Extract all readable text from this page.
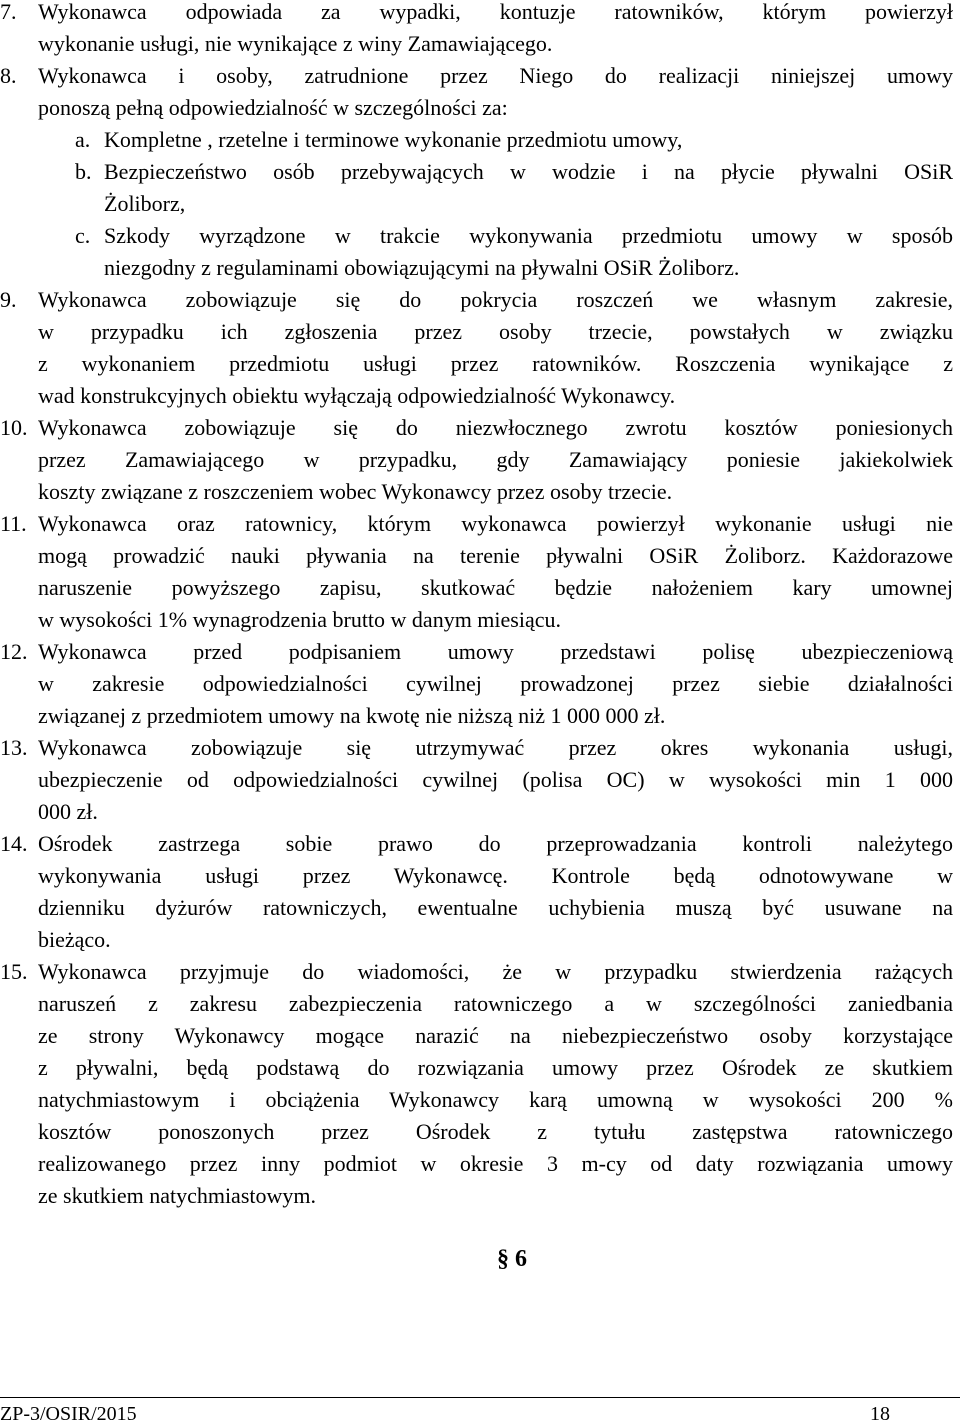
7. Wykonawca odpowiada za wypadki, kontuzje ratowników, którym powierzył
wykonanie usługi, nie wynikające z winy Zamawiającego.
8. Wykonawca i osoby, zatrudnione przez Niego do realizacji niniejszej umowy
ponoszą pełną odpowiedzialność w szczególności za:
a. Kompletne , rzetelne i terminowe wykonanie przedmiotu umowy,
b. Bezpieczeństwo osób przebywających w wodzie i na płycie pływalni OSiR
Żoliborz,
c. Szkody wyrządzone w trakcie wykonywania przedmiotu umowy w sposób
niezgodny z regulaminami obowiązującymi na pływalni OSiR Żoliborz.
9. Wykonawca zobowiązuje się do pokrycia roszczeń we własnym zakresie,
w przypadku ich zgłoszenia przez osoby trzecie, powstałych w związku
z wykonaniem przedmiotu usługi przez ratowników. Roszczenia wynikające z
wad konstrukcyjnych obiektu wyłączają odpowiedzialność Wykonawcy.
10. Wykonawca zobowiązuje się do niezwłocznego zwrotu kosztów poniesionych
przez Zamawiającego w przypadku, gdy Zamawiający poniesie jakiekolwiek
koszty związane z roszczeniem wobec Wykonawcy przez osoby trzecie.
11. Wykonawca oraz ratownicy, którym wykonawca powierzył wykonanie usługi nie
mogą prowadzić nauki pływania na terenie pływalni OSiR Żoliborz. Każdorazowe
naruszenie powyższego zapisu, skutkować będzie nałożeniem kary umownej
w wysokości 1% wynagrodzenia brutto w danym miesiącu.
12. Wykonawca przed podpisaniem umowy przedstawi polisę ubezpieczeniową
w zakresie odpowiedzialności cywilnej prowadzonej przez siebie działalności
związanej z przedmiotem umowy na kwotę nie niższą niż 1 000 000 zł.
13. Wykonawca zobowiązuje się utrzymywać przez okres wykonania usługi,
ubezpieczenie od odpowiedzialności cywilnej (polisa OC) w wysokości min 1 000
000 zł.
14. Ośrodek zastrzega sobie prawo do przeprowadzania kontroli należytego
wykonywania usługi przez Wykonawcę. Kontrole będą odnotowywane w
dzienniku dyżurów ratowniczych, ewentualne uchybienia muszą być usuwane na
bieżąco.
15. Wykonawca przyjmuje do wiadomości, że w przypadku stwierdzenia rażących
naruszeń z zakresu zabezpieczenia ratowniczego a w szczególności zaniedbania
ze strony Wykonawcy mogące narazić na niebezpieczeństwo osoby korzystające
z pływalni, będą podstawą do rozwiązania umowy przez Ośrodek ze skutkiem
natychmiastowym i obciążenia Wykonawcy karą umowną w wysokości 200 %
kosztów ponoszonych przez Ośrodek z tytułu zastępstwa ratowniczego
realizowanego przez inny podmiot w okresie 3 m-cy od daty rozwiązania umowy
ze skutkiem natychmiastowym.
§ 6
ZP-3/OSIR/2015	18
